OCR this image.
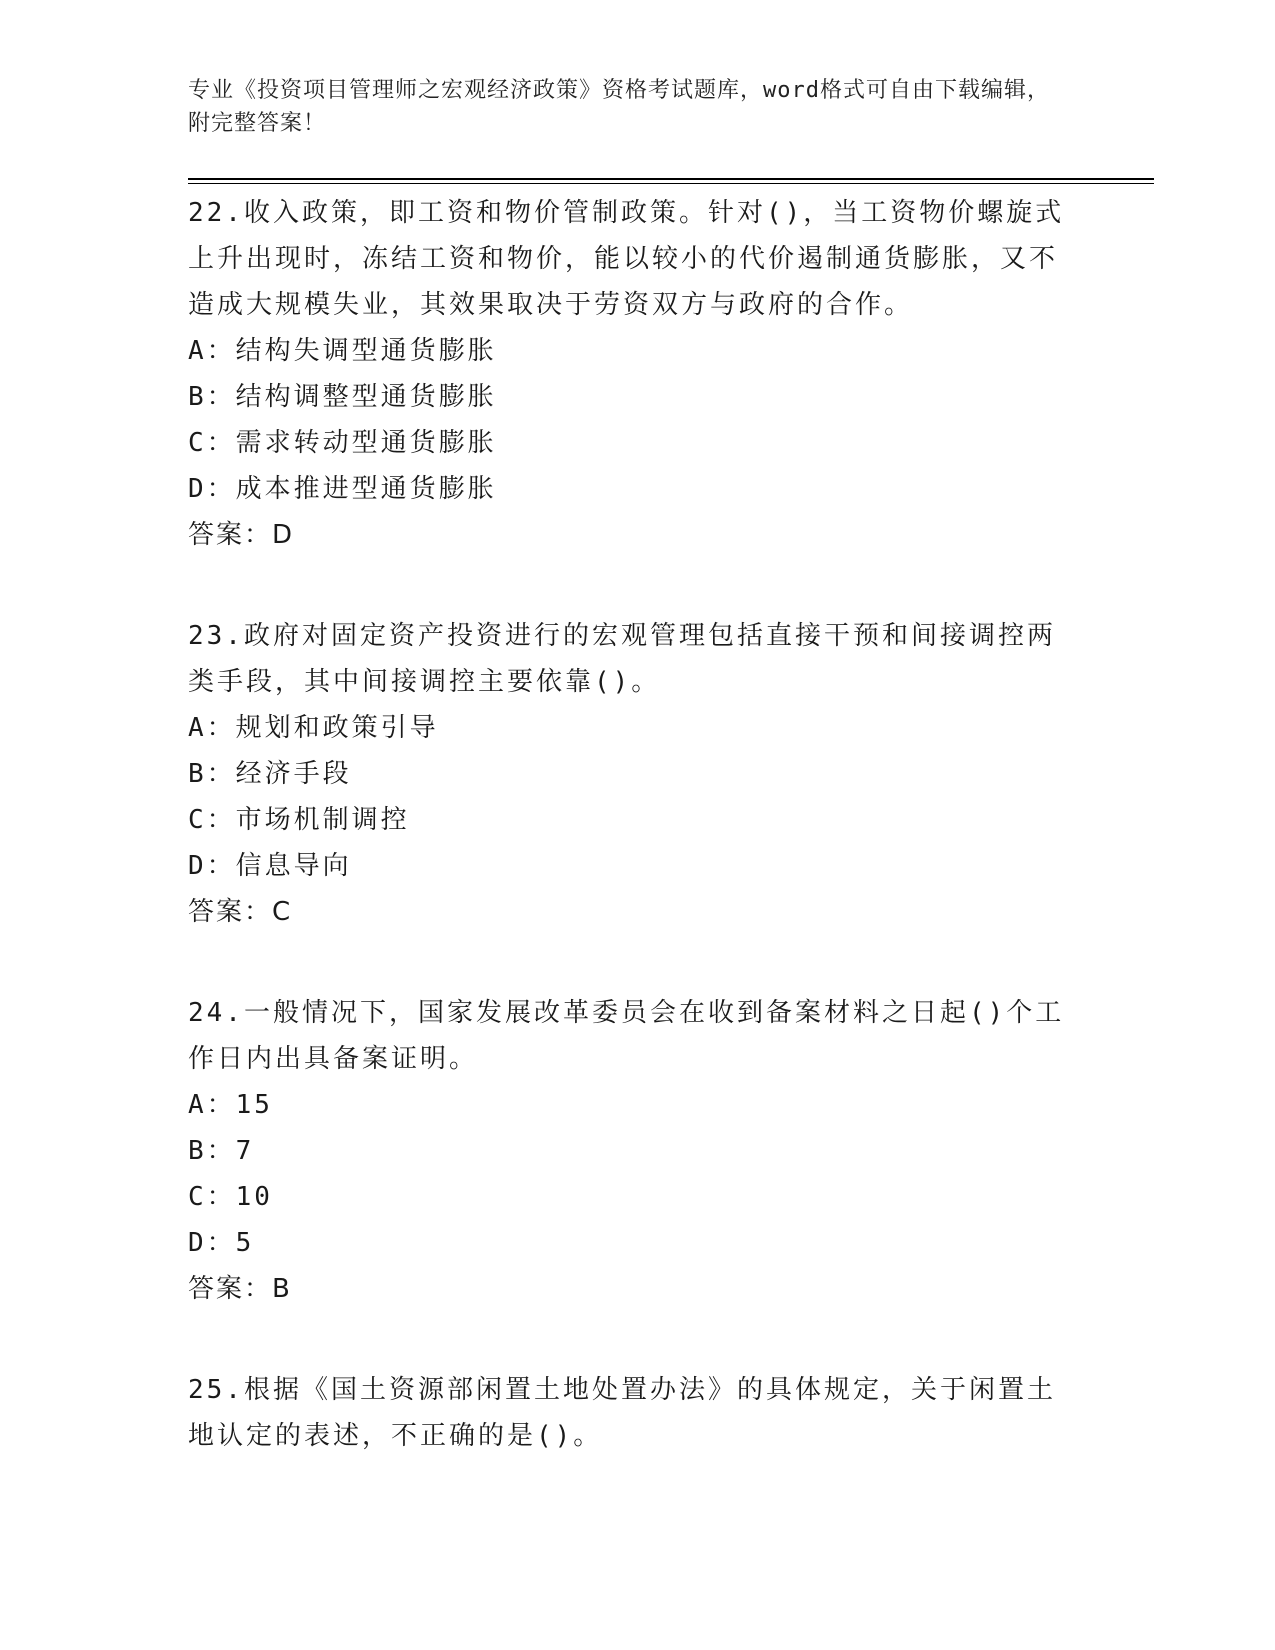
专业《投资项目管理师之宏观经济政策》资格考试题库，word格式可自由下载编辑，附完整答案！

22.收入政策，即工资和物价管制政策。针对()，当工资物价螺旋式上升出现时，冻结工资和物价，能以较小的代价遏制通货膨胀，又不造成大规模失业，其效果取决于劳资双方与政府的合作。

A：结构失调型通货膨胀

B：结构调整型通货膨胀

C：需求转动型通货膨胀

D：成本推进型通货膨胀

答案：D

23.政府对固定资产投资进行的宏观管理包括直接干预和间接调控两类手段，其中间接调控主要依靠()。

A：规划和政策引导

B：经济手段

C：市场机制调控

D：信息导向

答案：C

24.一般情况下，国家发展改革委员会在收到备案材料之日起()个工作日内出具备案证明。

A：15

B：7

C：10

D：5

答案：B

25.根据《国土资源部闲置土地处置办法》的具体规定，关于闲置土地认定的表述，不正确的是()。
